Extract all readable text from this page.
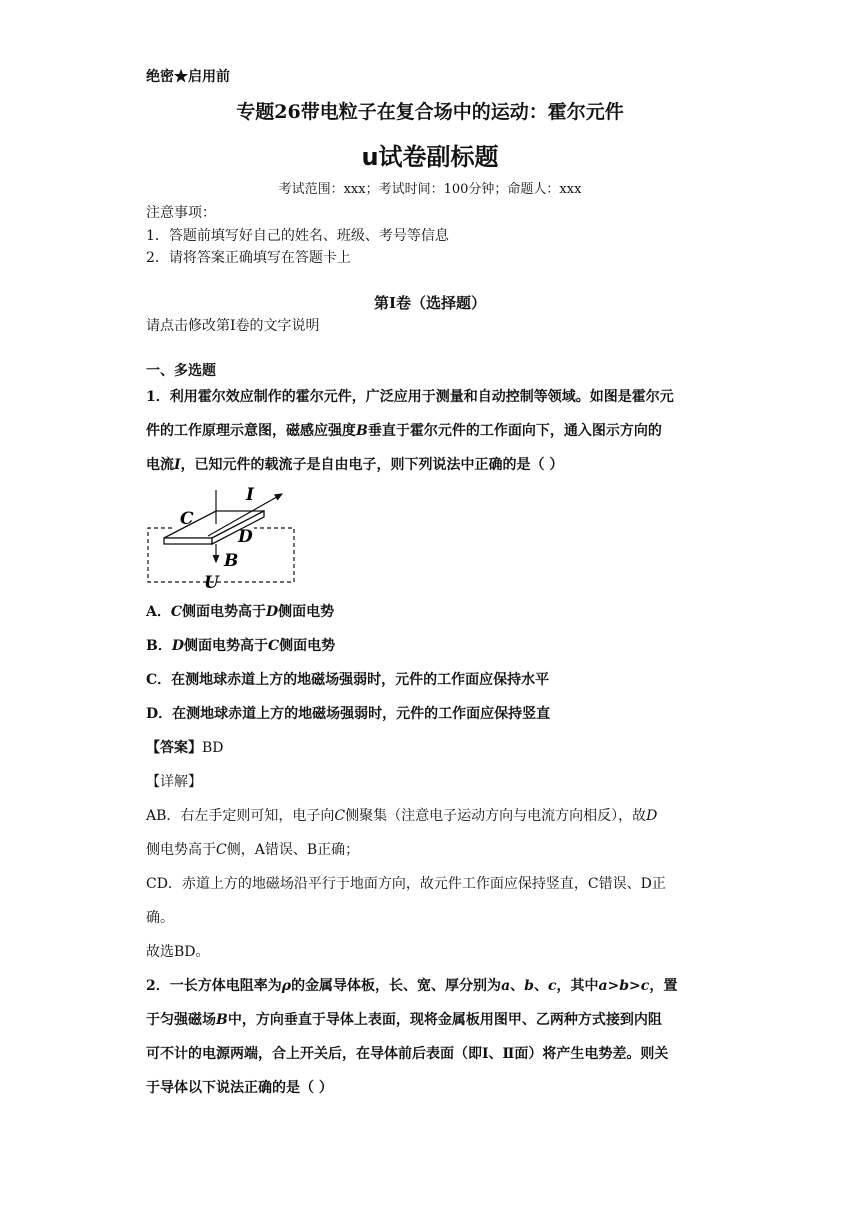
绝密★启用前
专题26带电粒子在复合场中的运动：霍尔元件
u试卷副标题
考试范围：xxx；考试时间：100分钟；命题人：xxx
注意事项：
1．答题前填写好自己的姓名、班级、考号等信息
2．请将答案正确填写在答题卡上
第Ⅰ卷（选择题）
请点击修改第Ⅰ卷的文字说明
一、多选题
1．利用霍尔效应制作的霍尔元件，广泛应用于测量和自动控制等领域。如图是霍尔元
件的工作原理示意图，磁感应强度B垂直于霍尔元件的工作面向下，通入图示方向的
电流I，已知元件的载流子是自由电子，则下列说法中正确的是（ ）
I
C
D
B
U
A．C侧面电势高于D侧面电势
B．D侧面电势高于C侧面电势
C．在测地球赤道上方的地磁场强弱时，元件的工作面应保持水平
D．在测地球赤道上方的地磁场强弱时，元件的工作面应保持竖直
【答案】BD
【详解】
AB．右左手定则可知，电子向C侧聚集（注意电子运动方向与电流方向相反），故D
侧电势高于C侧，A错误、B正确；
CD．赤道上方的地磁场沿平行于地面方向，故元件工作面应保持竖直，C错误、D正
确。
故选BD。
2．一长方体电阻率为ρ的金属导体板，长、宽、厚分别为a、b、c，其中a>b>c，置
于匀强磁场B中，方向垂直于导体上表面，现将金属板用图甲、乙两种方式接到内阻
可不计的电源两端，合上开关后，在导体前后表面（即Ⅰ、Ⅱ面）将产生电势差。则关
于导体以下说法正确的是（ ）
